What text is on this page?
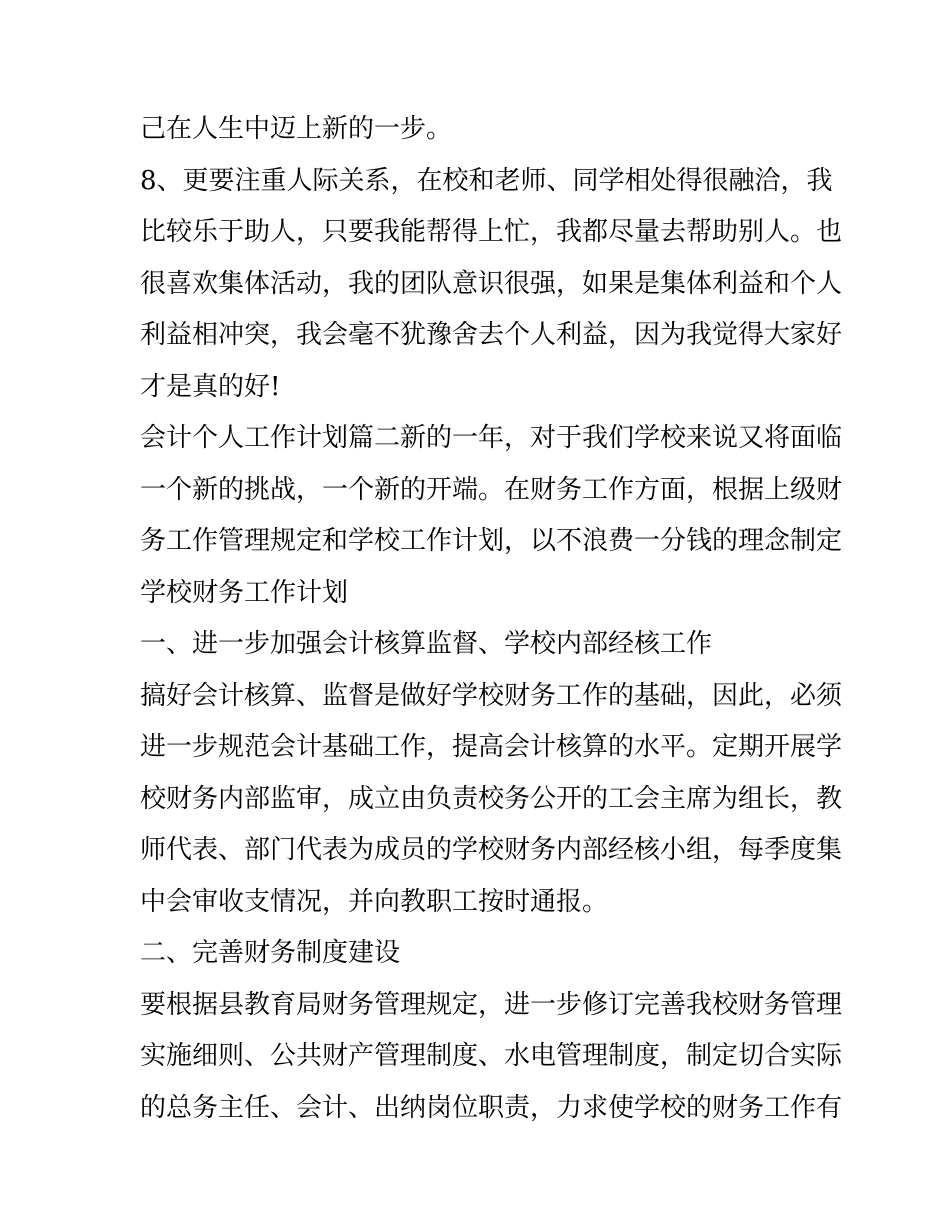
己在人生中迈上新的一步。
8、更要注重人际关系，在校和老师、同学相处得很融洽，我
比较乐于助人，只要我能帮得上忙，我都尽量去帮助别人。也
很喜欢集体活动，我的团队意识很强，如果是集体利益和个人
利益相冲突，我会毫不犹豫舍去个人利益，因为我觉得大家好
才是真的好!
会计个人工作计划篇二新的一年，对于我们学校来说又将面临
一个新的挑战，一个新的开端。在财务工作方面，根据上级财
务工作管理规定和学校工作计划，以不浪费一分钱的理念制定
学校财务工作计划
一、进一步加强会计核算监督、学校内部经核工作
搞好会计核算、监督是做好学校财务工作的基础，因此，必须
进一步规范会计基础工作，提高会计核算的水平。定期开展学
校财务内部监审，成立由负责校务公开的工会主席为组长，教
师代表、部门代表为成员的学校财务内部经核小组，每季度集
中会审收支情况，并向教职工按时通报。
二、完善财务制度建设
要根据县教育局财务管理规定，进一步修订完善我校财务管理
实施细则、公共财产管理制度、水电管理制度，制定切合实际
的总务主任、会计、出纳岗位职责，力求使学校的财务工作有
